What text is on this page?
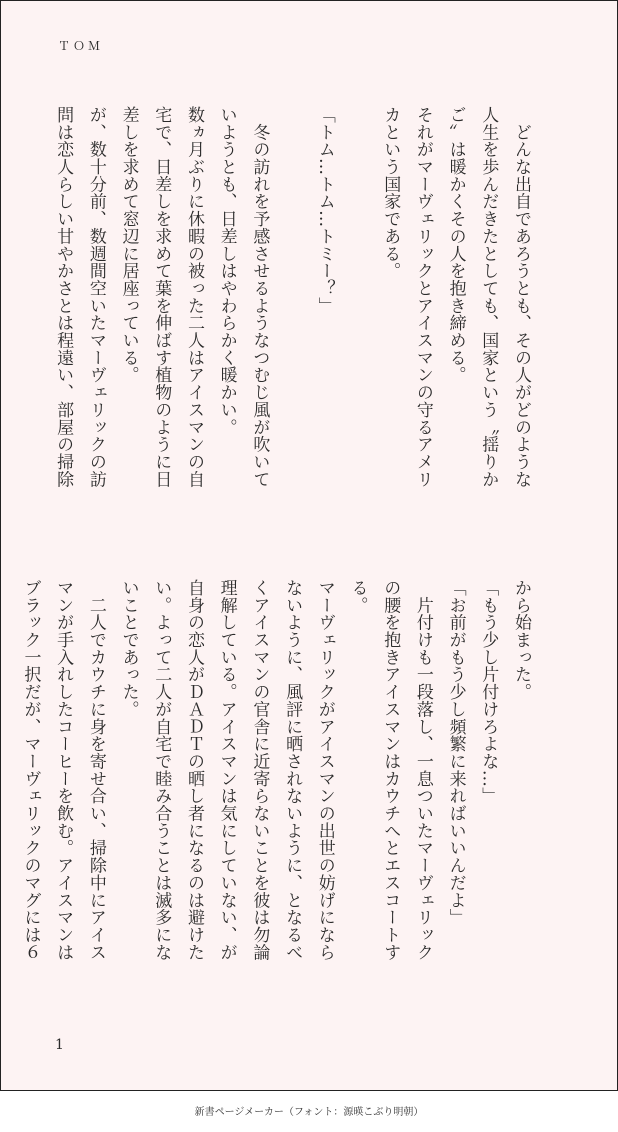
ＴＯＭ
　どんな出自であろうとも、その人がどのような
人生を歩んだきたとしても、国家という〝揺りか
ご〟は暖かくその人を抱き締める。
それがマーヴェリックとアイスマンの守るアメリ
カという国家である。

「トム…トム…トミー？」

　冬の訪れを予感させるようなつむじ風が吹いて
いようとも、日差しはやわらかく暖かい。
数ヵ月ぶりに休暇の被った二人はアイスマンの自
宅で、日差しを求めて葉を伸ばす植物のように日
差しを求めて窓辺に居座っている。
が、数十分前、数週間空いたマーヴェリックの訪
問は恋人らしい甘やかさとは程遠い、部屋の掃除
から始まった。
「もう少し片付けろよな…」
「お前がもう少し頻繁に来ればいいんだよ」
　片付けも一段落し、一息ついたマーヴェリック
の腰を抱きアイスマンはカウチへとエスコートす
る。
マーヴェリックがアイスマンの出世の妨げになら
ないように、風評に晒されないように、となるべ
くアイスマンの官舎に近寄らないことを彼は勿論
理解している。アイスマンは気にしていない、が
自身の恋人がＤＡＤＴの晒し者になるのは避けた
い。よって二人が自宅で睦み合うことは滅多にな
いことであった。
　二人でカウチに身を寄せ合い、掃除中にアイス
マンが手入れしたコーヒーを飲む。アイスマンは
ブラック一択だが、マーヴェリックのマグには６
1
新書ページメーカー（フォント：源暎こぶり明朝）
